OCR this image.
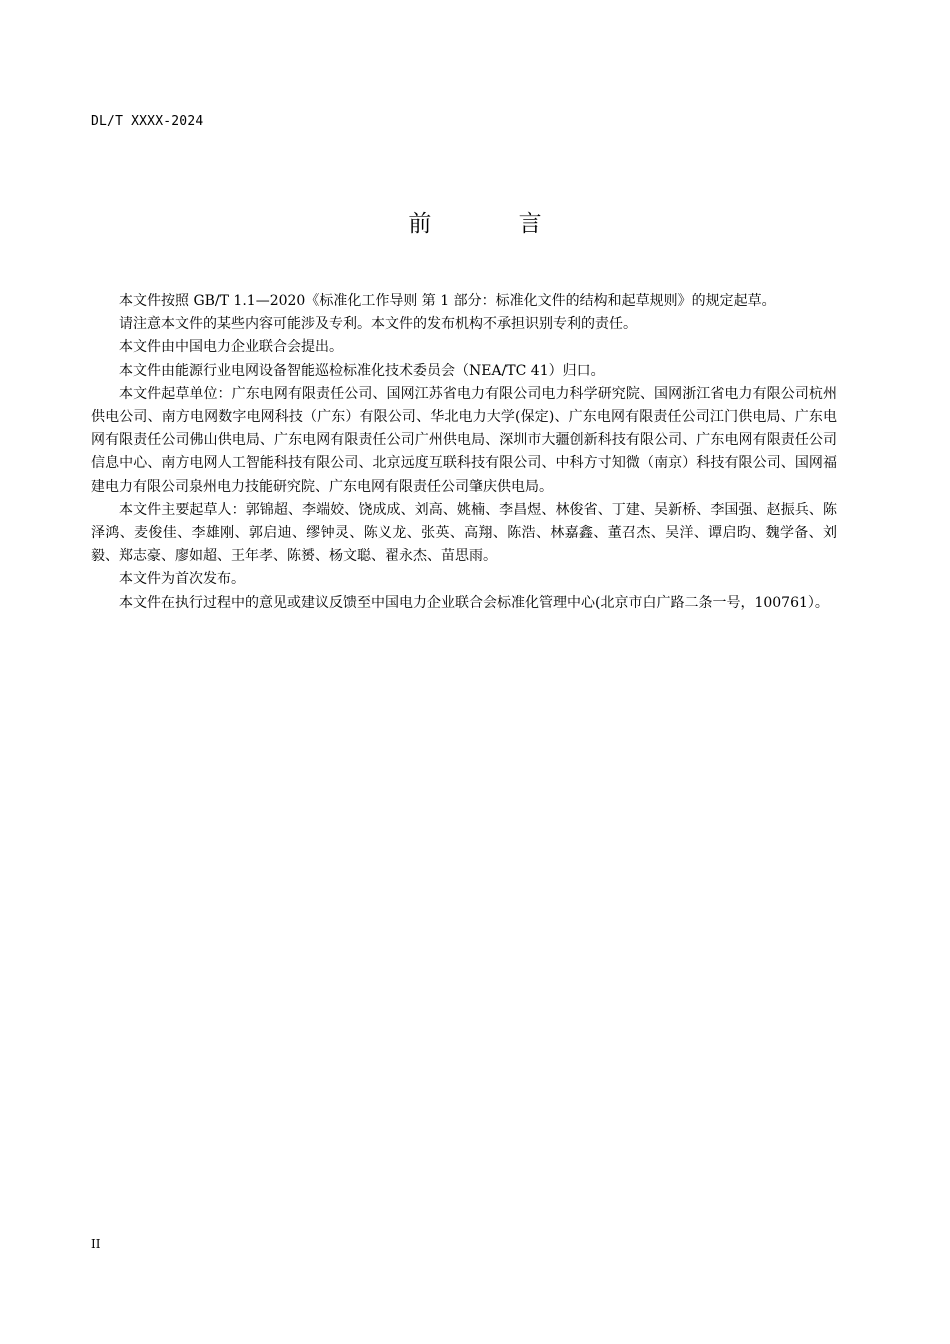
DL/T XXXX-2024
前 言

本文件按照 GB/T 1.1—2020《标准化工作导则 第 1 部分：标准化文件的结构和起草规则》的规定起草。

请注意本文件的某些内容可能涉及专利。本文件的发布机构不承担识别专利的责任。

本文件由中国电力企业联合会提出。

本文件由能源行业电网设备智能巡检标准化技术委员会（NEA/TC 41）归口。

本文件起草单位：广东电网有限责任公司、国网江苏省电力有限公司电力科学研究院、国网浙江省电力有限公司杭州供电公司、南方电网数字电网科技（广东）有限公司、华北电力大学(保定)、广东电网有限责任公司江门供电局、广东电网有限责任公司佛山供电局、广东电网有限责任公司广州供电局、深圳市大疆创新科技有限公司、广东电网有限责任公司信息中心、南方电网人工智能科技有限公司、北京远度互联科技有限公司、中科方寸知微（南京）科技有限公司、国网福建电力有限公司泉州电力技能研究院、广东电网有限责任公司肇庆供电局。

本文件主要起草人：郭锦超、李端姣、饶成成、刘高、姚楠、李昌煜、林俊省、丁建、吴新桥、李国强、赵振兵、陈泽鸿、麦俊佳、李雄刚、郭启迪、缪钟灵、陈义龙、张英、高翔、陈浩、林嘉鑫、董召杰、吴洋、谭启昀、魏学备、刘毅、郑志豪、廖如超、王年孝、陈赟、杨文聪、翟永杰、苗思雨。

本文件为首次发布。

本文件在执行过程中的意见或建议反馈至中国电力企业联合会标准化管理中心(北京市白广路二条一号，100761）。

II
